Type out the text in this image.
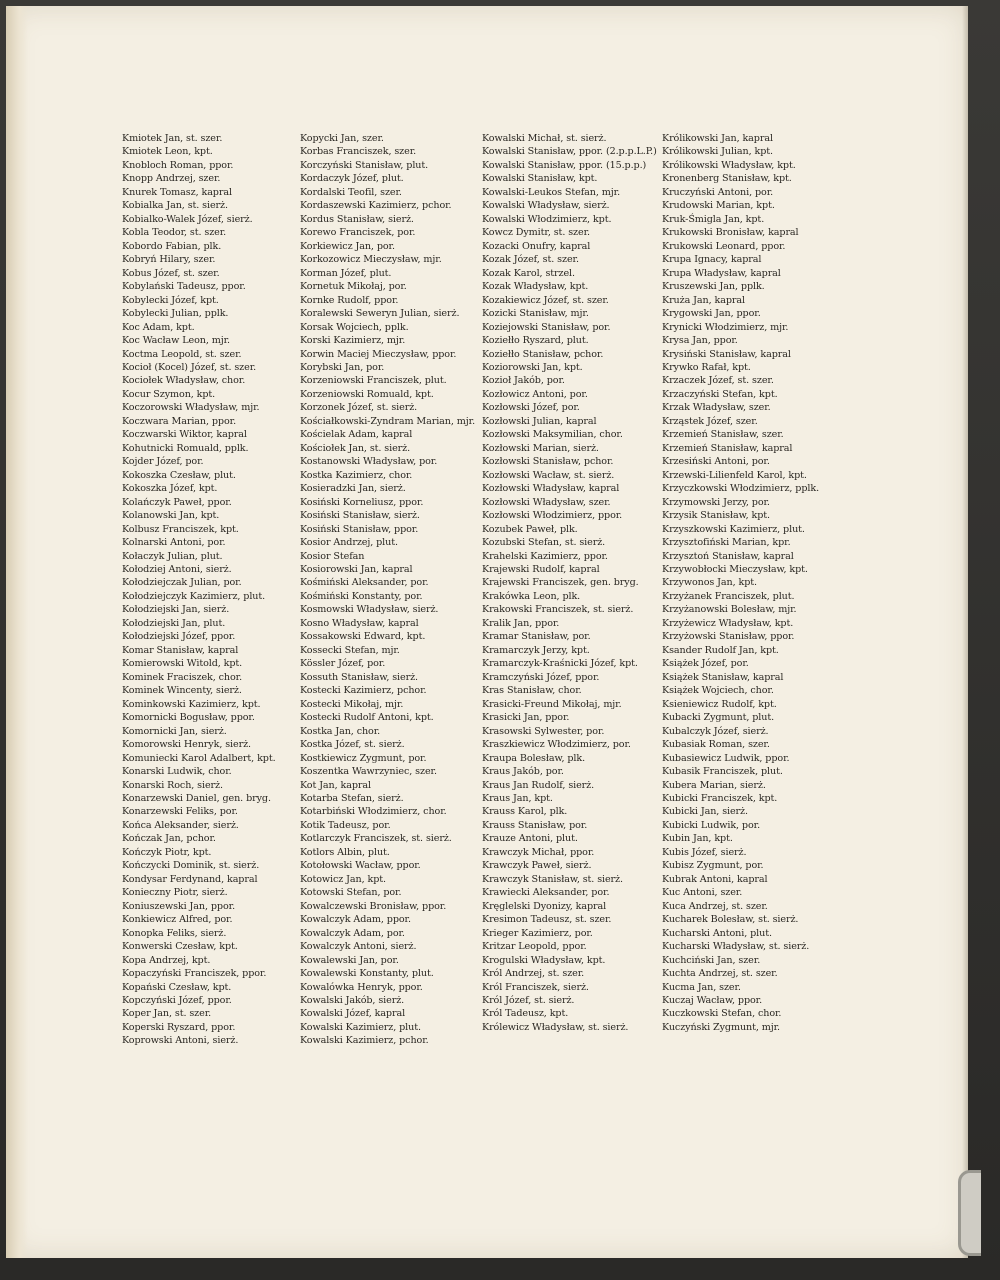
Kmiotek Jan, st. szer.
Kmiotek Leon, kpt.
Knobloch Roman, ppor.
Knopp Andrzej, szer.
Knurek Tomasz, kapral
Kobialka Jan, st. sierż.
Kobialko-Walek Józef, sierż.
Kobla Teodor, st. szer.
Kobordo Fabian, plk.
Kobryń Hilary, szer.
Kobus Józef, st. szer.
Kobylański Tadeusz, ppor.
Kobylecki Józef, kpt.
Kobylecki Julian, pplk.
Koc Adam, kpt.
Koc Wacław Leon, mjr.
Koctma Leopold, st. szer.
Kocioł (Kocel) Józef, st. szer.
Kociołek Władysław, chor.
Kocur Szymon, kpt.
Koczorowski Władysław, mjr.
Koczwara Marian, ppor.
Koczwarski Wiktor, kapral
Kohutnicki Romuald, pplk.
Kojder Józef, por.
Kokoszka Czesław, plut.
Kokoszka Józef, kpt.
Kolańczyk Paweł, ppor.
Kolanowski Jan, kpt.
Kolbusz Franciszek, kpt.
Kolnarski Antoni, por.
Kołaczyk Julian, plut.
Kołodziej Antoni, sierż.
Kołodziejczak Julian, por.
Kołodziejczyk Kazimierz, plut.
Kołodziejski Jan, sierż.
Kołodziejski Jan, plut.
Kołodziejski Józef, ppor.
Komar Stanisław, kapral
Komierowski Witold, kpt.
Kominek Fraciszek, chor.
Kominek Wincenty, sierż.
Kominkowski Kazimierz, kpt.
Komornicki Bogusław, ppor.
Komornicki Jan, sierż.
Komorowski Henryk, sierż.
Komuniecki Karol Adalbert, kpt.
Konarski Ludwik, chor.
Konarski Roch, sierż.
Konarzewski Daniel, gen. bryg.
Konarzewski Feliks, por.
Końca Aleksander, sierż.
Kończak Jan, pchor.
Kończyk Piotr, kpt.
Kończycki Dominik, st. sierż.
Kondysar Ferdynand, kapral
Konieczny Piotr, sierż.
Koniuszewski Jan, ppor.
Konkiewicz Alfred, por.
Konopka Feliks, sierż.
Konwerski Czesław, kpt.
Kopa Andrzej, kpt.
Kopaczyński Franciszek, ppor.
Kopański Czesław, kpt.
Kopczyński Józef, ppor.
Koper Jan, st. szer.
Koperski Ryszard, ppor.
Koprowski Antoni, sierż.
Kopycki Jan, szer.
Korbas Franciszek, szer.
Korczyński Stanisław, plut.
Kordaczyk Józef, plut.
Kordalski Teofil, szer.
Kordaszewski Kazimierz, pchor.
Kordus Stanisław, sierż.
Korewo Franciszek, por.
Korkiewicz Jan, por.
Korkozowicz Mieczysław, mjr.
Korman Józef, plut.
Kornetuk Mikołaj, por.
Kornke Rudolf, ppor.
Koralewski Seweryn Julian, sierż.
Korsak Wojciech, pplk.
Korski Kazimierz, mjr.
Korwin Maciej Mieczysław, ppor.
Korybski Jan, por.
Korzeniowski Franciszek, plut.
Korzeniowski Romuald, kpt.
Korzonek Józef, st. sierż.
Kościałkowski-Zyndram Marian, mjr.
Kościelak Adam, kapral
Kościołek Jan, st. sierż.
Kostanowski Władysław, por.
Kostka Kazimierz, chor.
Kosieradzki Jan, sierż.
Kosiński Korneliusz, ppor.
Kosiński Stanisław, sierż.
Kosiński Stanisław, ppor.
Kosior Andrzej, plut.
Kosior Stefan
Kosiorowski Jan, kapral
Kośmiński Aleksander, por.
Kośmiński Konstanty, por.
Kosmowski Władysław, sierż.
Kosno Władysław, kapral
Kossakowski Edward, kpt.
Kossecki Stefan, mjr.
Kössler Józef, por.
Kossuth Stanisław, sierż.
Kostecki Kazimierz, pchor.
Kostecki Mikołaj, mjr.
Kostecki Rudolf Antoni, kpt.
Kostka Jan, chor.
Kostka Józef, st. sierż.
Kostkiewicz Zygmunt, por.
Koszentka Wawrzyniec, szer.
Kot Jan, kapral
Kotarba Stefan, sierż.
Kotarbiński Włodzimierz, chor.
Kotik Tadeusz, por.
Kotlarczyk Franciszek, st. sierż.
Kotlors Albin, plut.
Kotołowski Wacław, ppor.
Kotowicz Jan, kpt.
Kotowski Stefan, por.
Kowalczewski Bronisław, ppor.
Kowalczyk Adam, ppor.
Kowalczyk Adam, por.
Kowalczyk Antoni, sierż.
Kowalewski Jan, por.
Kowalewski Konstanty, plut.
Kowalówka Henryk, ppor.
Kowalski Jakób, sierż.
Kowalski Józef, kapral
Kowalski Kazimierz, plut.
Kowalski Kazimierz, pchor.
Kowalski Michał, st. sierż.
Kowalski Stanisław, ppor. (2.p.p.L.P.)
Kowalski Stanisław, ppor. (15.p.p.)
Kowalski Stanisław, kpt.
Kowalski-Leukos Stefan, mjr.
Kowalski Władysław, sierż.
Kowalski Włodzimierz, kpt.
Kowcz Dymitr, st. szer.
Kozacki Onufry, kapral
Kozak Józef, st. szer.
Kozak Karol, strzel.
Kozak Władysław, kpt.
Kozakiewicz Józef, st. szer.
Kozicki Stanisław, mjr.
Koziejowski Stanisław, por.
Koziełło Ryszard, plut.
Koziełło Stanisław, pchor.
Koziorowski Jan, kpt.
Kozioł Jakób, por.
Kozłowicz Antoni, por.
Kozłowski Józef, por.
Kozłowski Julian, kapral
Kozłowski Maksymilian, chor.
Kozłowski Marian, sierż.
Kozłowski Stanisław, pchor.
Kozłowski Wacław, st. sierż.
Kozłowski Władysław, kapral
Kozłowski Władysław, szer.
Kozłowski Włodzimierz, ppor.
Kozubek Paweł, plk.
Kozubski Stefan, st. sierż.
Krahelski Kazimierz, ppor.
Krajewski Rudolf, kapral
Krajewski Franciszek, gen. bryg.
Krakówka Leon, plk.
Krakowski Franciszek, st. sierż.
Kralik Jan, ppor.
Kramar Stanisław, por.
Kramarczyk Jerzy, kpt.
Kramarczyk-Kraśnicki Józef, kpt.
Kramczyński Józef, ppor.
Kras Stanisław, chor.
Krasicki-Freund Mikołaj, mjr.
Krasicki Jan, ppor.
Krasowski Sylwester, por.
Kraszkiewicz Włodzimierz, por.
Kraupa Bolesław, plk.
Kraus Jakób, por.
Kraus Jan Rudolf, sierż.
Kraus Jan, kpt.
Krauss Karol, plk.
Krauss Stanisław, por.
Krauze Antoni, plut.
Krawczyk Michał, ppor.
Krawczyk Paweł, sierż.
Krawczyk Stanisław, st. sierż.
Krawiecki Aleksander, por.
Kręglelski Dyonizy, kapral
Kresimon Tadeusz, st. szer.
Krieger Kazimierz, por.
Kritzar Leopold, ppor.
Krogulski Władysław, kpt.
Król Andrzej, st. szer.
Król Franciszek, sierż.
Król Józef, st. sierż.
Król Tadeusz, kpt.
Królewicz Władysław, st. sierż.
Królikowski Jan, kapral
Królikowski Julian, kpt.
Królikowski Władysław, kpt.
Kronenberg Stanisław, kpt.
Kruczyński Antoni, por.
Krudowski Marian, kpt.
Kruk-Śmigla Jan, kpt.
Krukowski Bronisław, kapral
Krukowski Leonard, ppor.
Krupa Ignacy, kapral
Krupa Władysław, kapral
Kruszewski Jan, pplk.
Kruża Jan, kapral
Krygowski Jan, ppor.
Krynicki Włodzimierz, mjr.
Krysa Jan, ppor.
Krysiński Stanisław, kapral
Krywko Rafał, kpt.
Krzaczek Józef, st. szer.
Krzaczyński Stefan, kpt.
Krzak Władysław, szer.
Krząstek Józef, szer.
Krzemień Stanisław, szer.
Krzemień Stanisław, kapral
Krzesiński Antoni, por.
Krzewski-Lilienfeld Karol, kpt.
Krzyczkowski Włodzimierz, pplk.
Krzymowski Jerzy, por.
Krzysik Stanisław, kpt.
Krzyszkowski Kazimierz, plut.
Krzysztofiński Marian, kpr.
Krzysztoń Stanisław, kapral
Krzywobłocki Mieczysław, kpt.
Krzywonos Jan, kpt.
Krzyżanek Franciszek, plut.
Krzyżanowski Bolesław, mjr.
Krzyżewicz Władysław, kpt.
Krzyżowski Stanisław, ppor.
Ksander Rudolf Jan, kpt.
Książek Józef, por.
Książek Stanisław, kapral
Książek Wojciech, chor.
Ksieniewicz Rudolf, kpt.
Kubacki Zygmunt, plut.
Kubalczyk Józef, sierż.
Kubasiak Roman, szer.
Kubasiewicz Ludwik, ppor.
Kubasik Franciszek, plut.
Kubera Marian, sierż.
Kubicki Franciszek, kpt.
Kubicki Jan, sierż.
Kubicki Ludwik, por.
Kubin Jan, kpt.
Kubis Józef, sierż.
Kubisz Zygmunt, por.
Kubrak Antoni, kapral
Kuc Antoni, szer.
Kuca Andrzej, st. szer.
Kucharek Bolesław, st. sierż.
Kucharski Antoni, plut.
Kucharski Władysław, st. sierż.
Kuchciński Jan, szer.
Kuchta Andrzej, st. szer.
Kucma Jan, szer.
Kuczaj Wacław, ppor.
Kuczkowski Stefan, chor.
Kuczyński Zygmunt, mjr.
